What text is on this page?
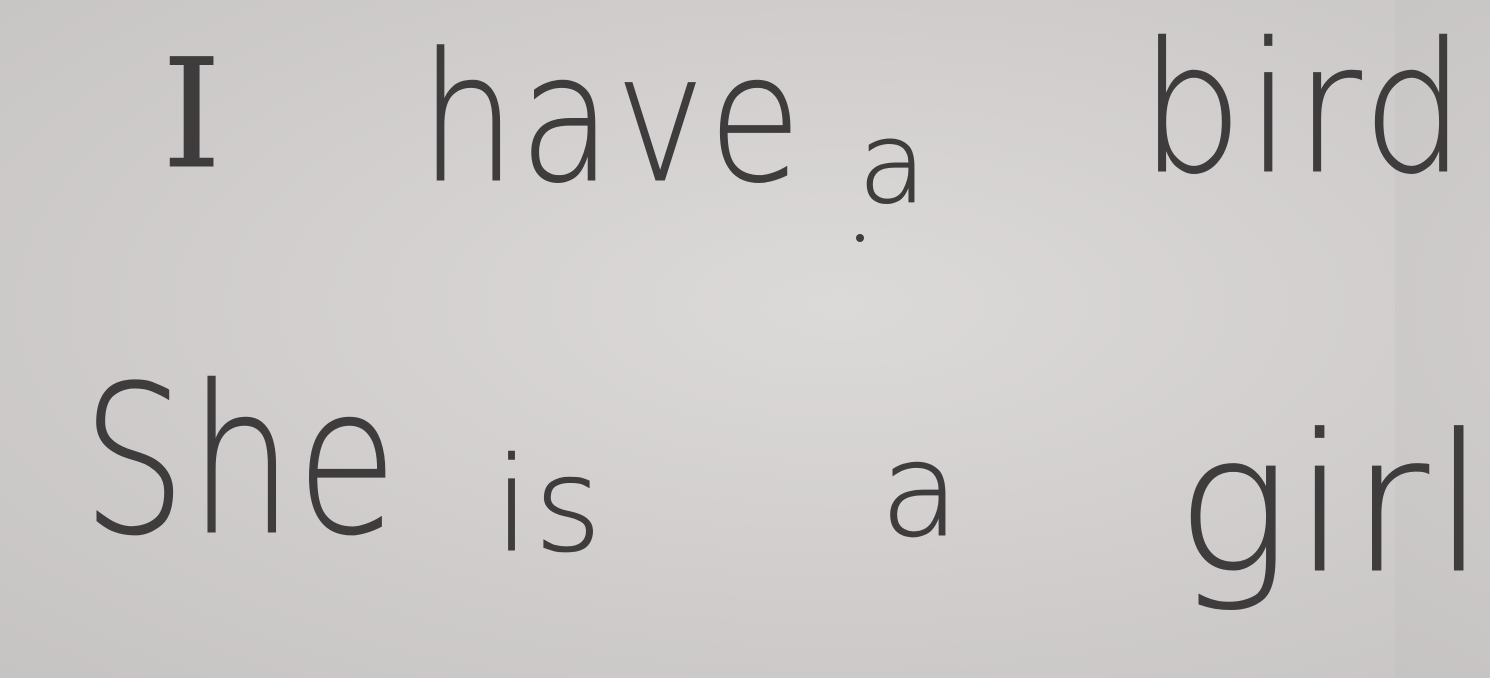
I have a bird
She is a girl
